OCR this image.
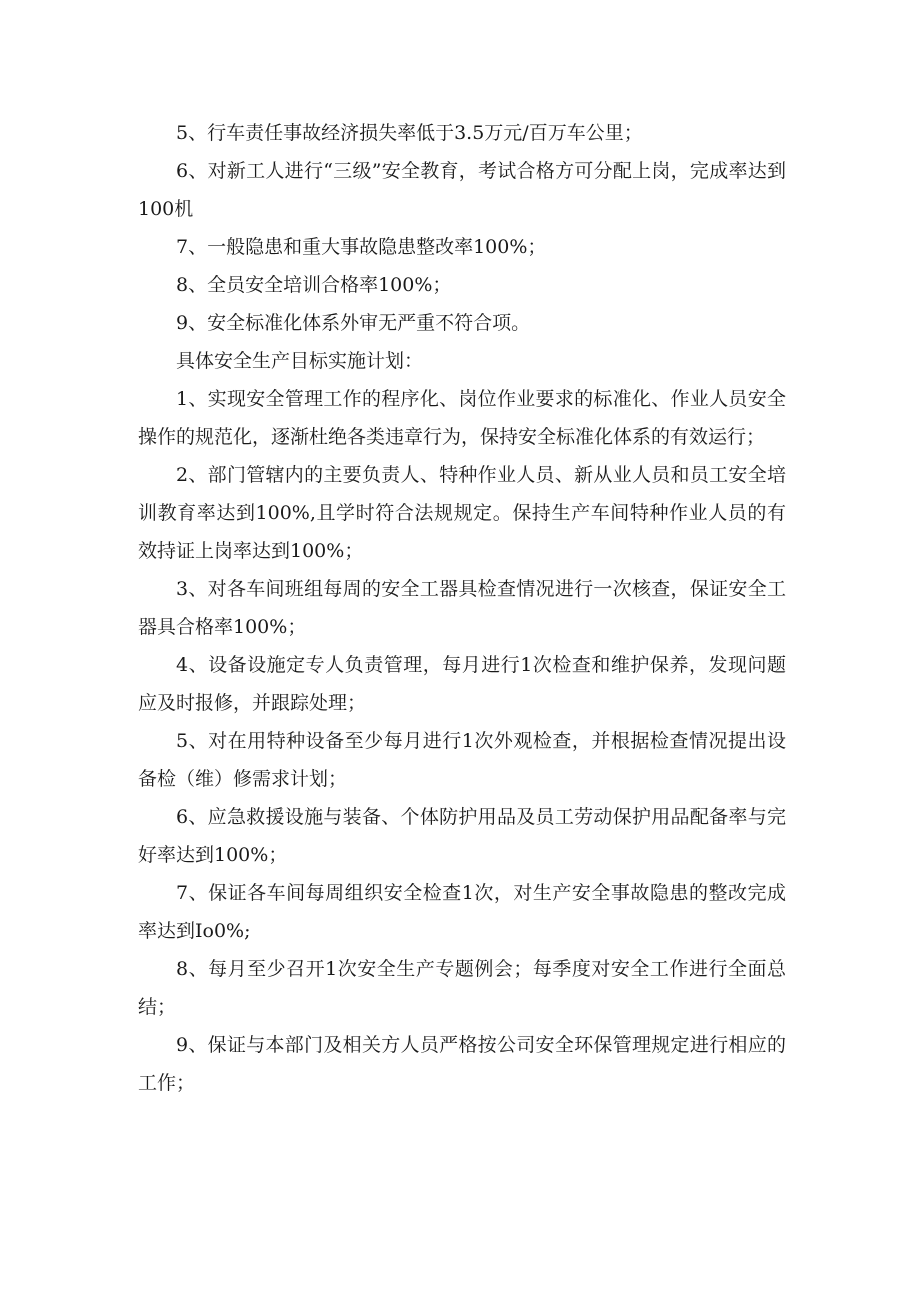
5、行车责任事故经济损失率低于3.5万元/百万车公里；

6、对新工人进行“三级”安全教育，考试合格方可分配上岗，完成率达到100机

7、一般隐患和重大事故隐患整改率100%；

8、全员安全培训合格率100%；

9、安全标准化体系外审无严重不符合项。

具体安全生产目标实施计划：

1、实现安全管理工作的程序化、岗位作业要求的标准化、作业人员安全操作的规范化，逐渐杜绝各类违章行为，保持安全标准化体系的有效运行；

2、部门管辖内的主要负责人、特种作业人员、新从业人员和员工安全培训教育率达到100%,且学时符合法规规定。保持生产车间特种作业人员的有效持证上岗率达到100%；

3、对各车间班组每周的安全工器具检查情况进行一次核查，保证安全工器具合格率100%；

4、设备设施定专人负责管理，每月进行1次检查和维护保养，发现问题应及时报修，并跟踪处理；

5、对在用特种设备至少每月进行1次外观检查，并根据检查情况提出设备检（维）修需求计划；

6、应急救援设施与装备、个体防护用品及员工劳动保护用品配备率与完好率达到100%；

7、保证各车间每周组织安全检查1次，对生产安全事故隐患的整改完成率达到Io0%;

8、每月至少召开1次安全生产专题例会；每季度对安全工作进行全面总结；

9、保证与本部门及相关方人员严格按公司安全环保管理规定进行相应的工作；
